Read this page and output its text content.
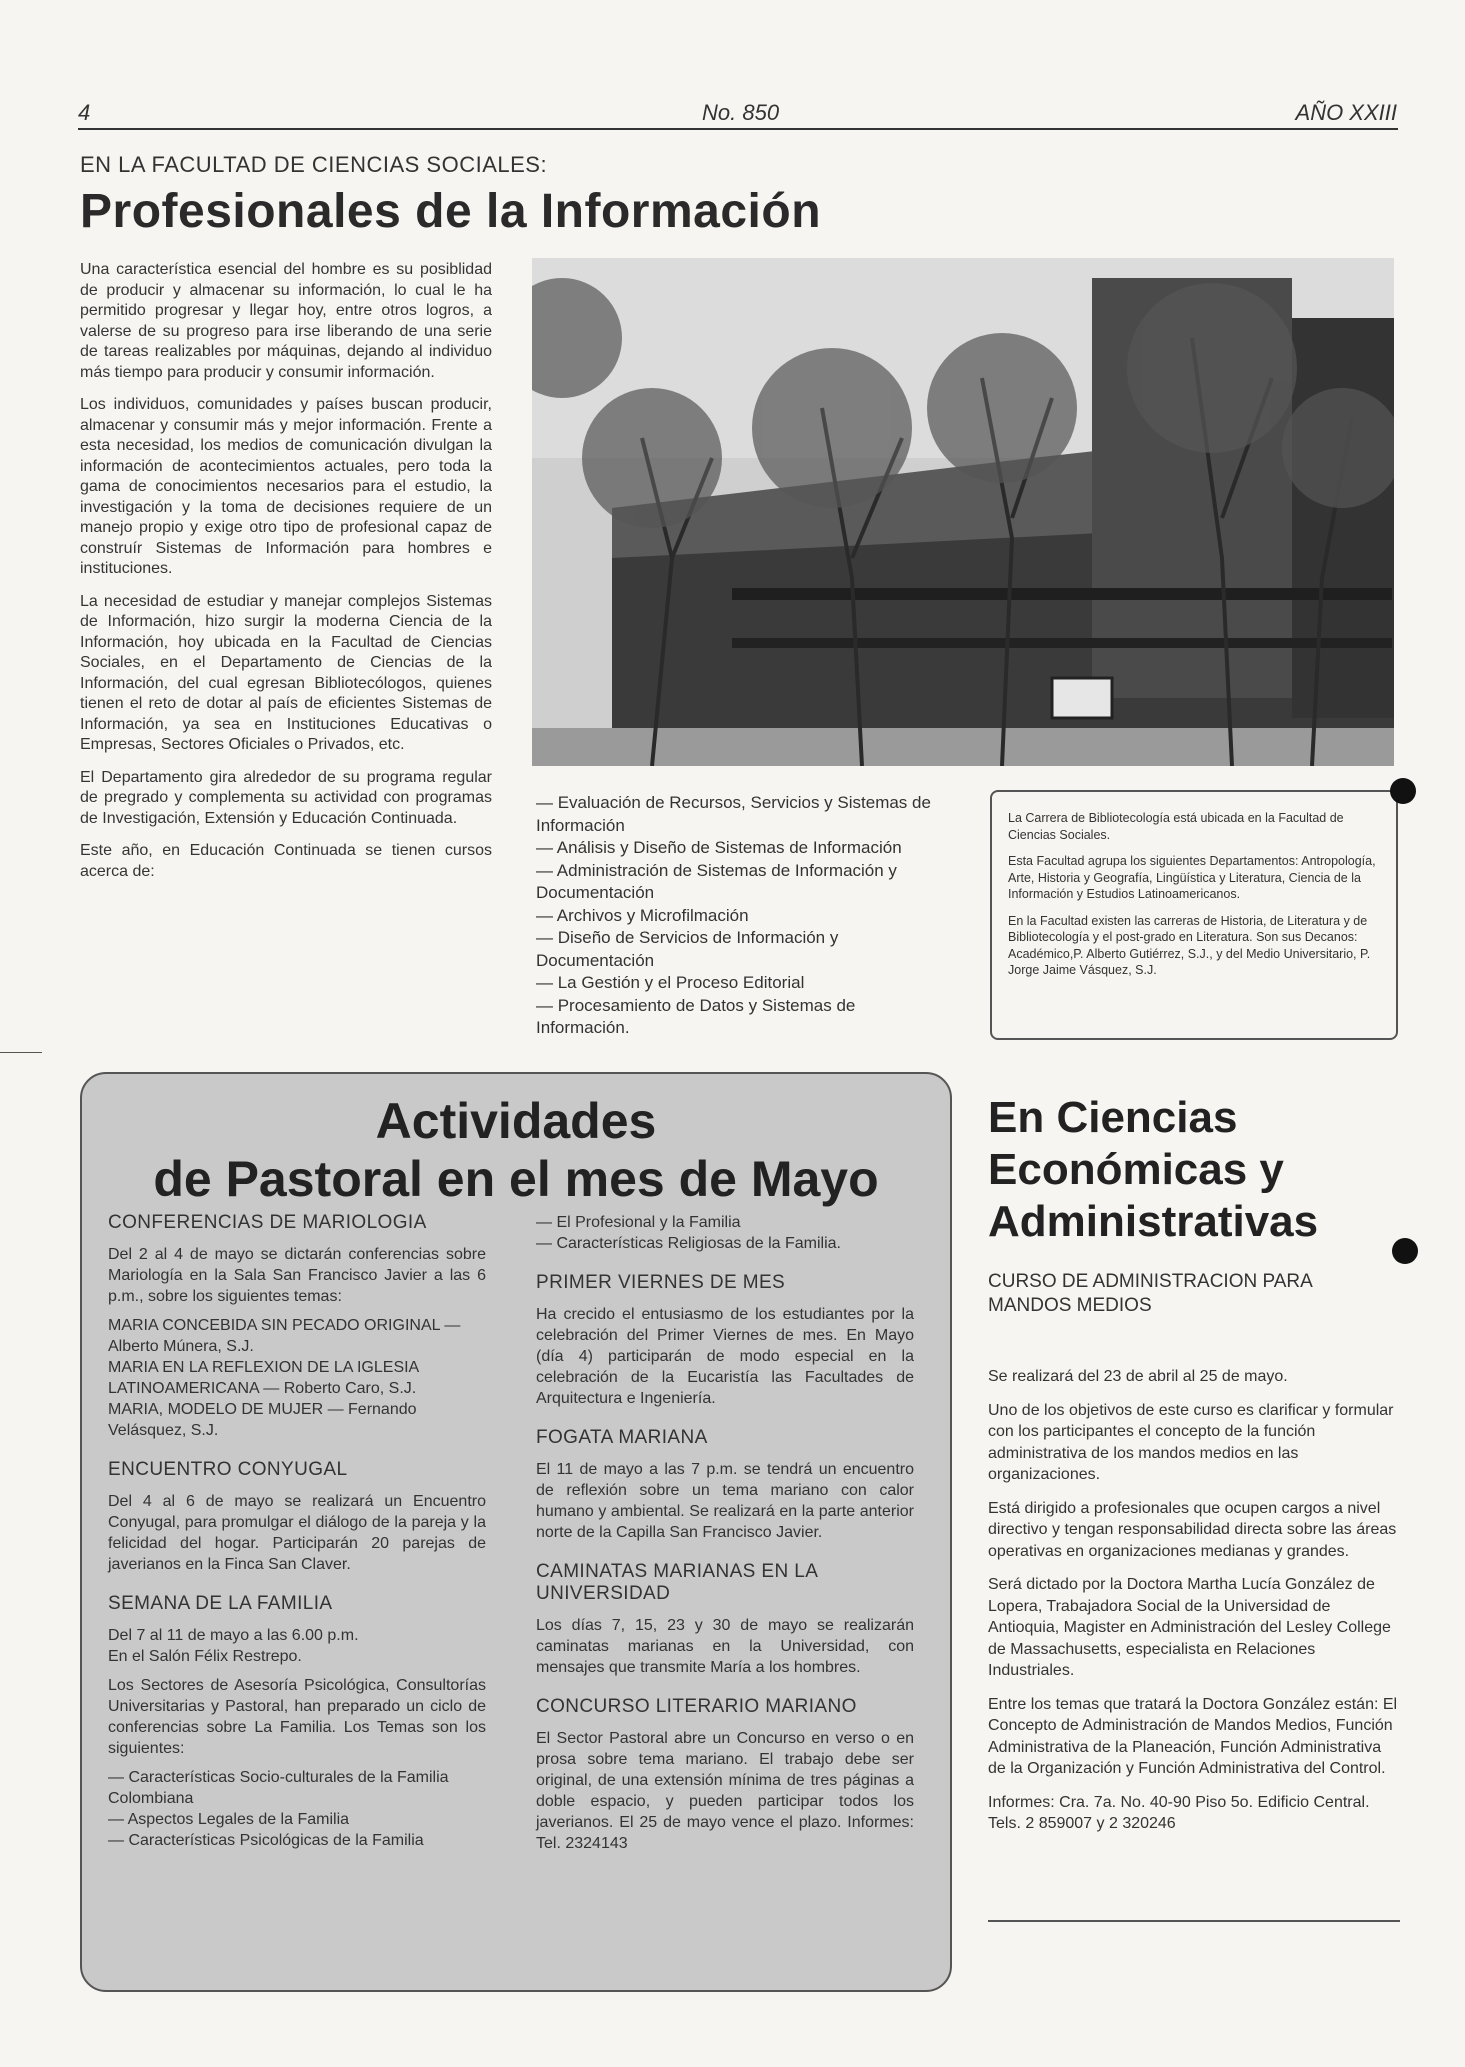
4	No. 850	AÑO XXIII
EN LA FACULTAD DE CIENCIAS SOCIALES:
Profesionales de la Información

Una característica esencial del hombre es su posiblidad de producir y almacenar su información, lo cual le ha permitido progresar y llegar hoy, entre otros logros, a valerse de su progreso para irse liberando de una serie de tareas realizables por máquinas, dejando al individuo más tiempo para producir y consumir información.

Los individuos, comunidades y países buscan producir, almacenar y consumir más y mejor información. Frente a esta necesidad, los medios de comunicación divulgan la información de acontecimientos actuales, pero toda la gama de conocimientos necesarios para el estudio, la investigación y la toma de decisiones requiere de un manejo propio y exige otro tipo de profesional capaz de construír Sistemas de Información para hombres e instituciones.

La necesidad de estudiar y manejar complejos Sistemas de Información, hizo surgir la moderna Ciencia de la Información, hoy ubicada en la Facultad de Ciencias Sociales, en el Departamento de Ciencias de la Información, del cual egresan Bibliotecólogos, quienes tienen el reto de dotar al país de eficientes Sistemas de Información, ya sea en Instituciones Educativas o Empresas, Sectores Oficiales o Privados, etc.

El Departamento gira alrededor de su programa regular de pregrado y complementa su actividad con programas de Investigación, Extensión y Educación Continuada.

Este año, en Educación Continuada se tienen cursos acerca de:

— Evaluación de Recursos, Servicios y Sistemas de Información
— Análisis y Diseño de Sistemas de Información
— Administración de Sistemas de Información y Documentación
— Archivos y Microfilmación
— Diseño de Servicios de Información y Documentación
— La Gestión y el Proceso Editorial
— Procesamiento de Datos y Sistemas de Información.

La Carrera de Bibliotecología está ubicada en la Facultad de Ciencias Sociales.

Esta Facultad agrupa los siguientes Departamentos: Antropología, Arte, Historia y Geografía, Lingüística y Literatura, Ciencia de la Información y Estudios Latinoamericanos.

En la Facultad existen las carreras de Historia, de Literatura y de Bibliotecología y el post-grado en Literatura. Son sus Decanos: Académico,P. Alberto Gutiérrez, S.J., y del Medio Universitario, P. Jorge Jaime Vásquez, S.J.

Actividades
de Pastoral en el mes de Mayo
CONFERENCIAS DE MARIOLOGIA

Del 2 al 4 de mayo se dictarán conferencias sobre Mariología en la Sala San Francisco Javier a las 6 p.m., sobre los siguientes temas:

MARIA CONCEBIDA SIN PECADO ORIGINAL — Alberto Múnera, S.J.
MARIA EN LA REFLEXION DE LA IGLESIA LATINOAMERICANA — Roberto Caro, S.J.
MARIA, MODELO DE MUJER — Fernando Velásquez, S.J.
ENCUENTRO CONYUGAL

Del 4 al 6 de mayo se realizará un Encuentro Conyugal, para promulgar el diálogo de la pareja y la felicidad del hogar. Participarán 20 parejas de javerianos en la Finca San Claver.

SEMANA DE LA FAMILIA
Del 7 al 11 de mayo a las 6.00 p.m.
En el Salón Félix Restrepo.

Los Sectores de Asesoría Psicológica, Consultorías Universitarias y Pastoral, han preparado un ciclo de conferencias sobre La Familia. Los Temas son los siguientes:

— Características Socio-culturales de la Familia Colombiana
— Aspectos Legales de la Familia
— Características Psicológicas de la Familia
— El Profesional y la Familia
— Características Religiosas de la Familia.
PRIMER VIERNES DE MES

Ha crecido el entusiasmo de los estudiantes por la celebración del Primer Viernes de mes. En Mayo (día 4) participarán de modo especial en la celebración de la Eucaristía las Facultades de Arquitectura e Ingeniería.

FOGATA MARIANA

El 11 de mayo a las 7 p.m. se tendrá un encuentro de reflexión sobre un tema mariano con calor humano y ambiental. Se realizará en la parte anterior norte de la Capilla San Francisco Javier.

CAMINATAS MARIANAS EN LA UNIVERSIDAD

Los días 7, 15, 23 y 30 de mayo se realizarán caminatas marianas en la Universidad, con mensajes que transmite María a los hombres.

CONCURSO LITERARIO MARIANO

El Sector Pastoral abre un Concurso en verso o en prosa sobre tema mariano. El trabajo debe ser original, de una extensión mínima de tres páginas a doble espacio, y pueden participar todos los javerianos. El 25 de mayo vence el plazo. Informes: Tel. 2324143

En Ciencias
Económicas y
Administrativas
CURSO DE ADMINISTRACION PARA MANDOS MEDIOS

Se realizará del 23 de abril al 25 de mayo.

Uno de los objetivos de este curso es clarificar y formular con los participantes el concepto de la función administrativa de los mandos medios en las organizaciones.

Está dirigido a profesionales que ocupen cargos a nivel directivo y tengan responsabilidad directa sobre las áreas operativas en organizaciones medianas y grandes.

Será dictado por la Doctora Martha Lucía González de Lopera, Trabajadora Social de la Universidad de Antioquia, Magister en Administración del Lesley College de Massachusetts, especialista en Relaciones Industriales.

Entre los temas que tratará la Doctora González están: El Concepto de Administración de Mandos Medios, Función Administrativa de la Planeación, Función Administrativa de la Organización y Función Administrativa del Control.

Informes: Cra. 7a. No. 40-90 Piso 5o. Edificio Central. Tels. 2 859007 y 2 320246
